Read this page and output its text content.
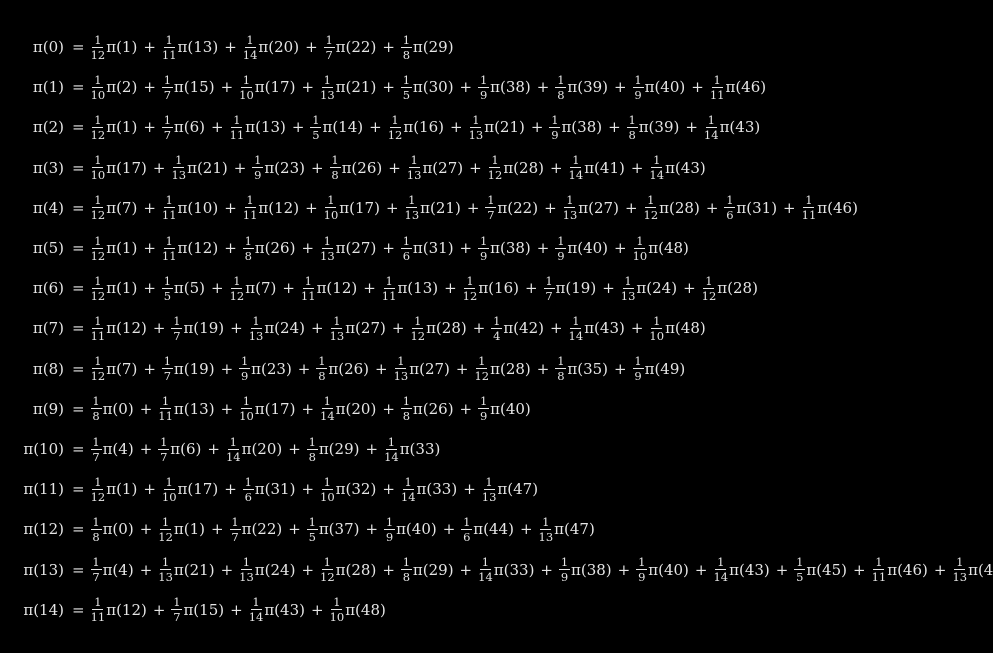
$\pi(0) = \frac{1}{12} \pi(1) + \frac{1}{11} \pi(13) + \frac{1}{14} \pi(20) + \frac{1}{7} \pi(22) + \frac{1}{8} \pi(29)$
$\pi(1) = \frac{1}{10} \pi(2) + \frac{1}{7} \pi(15) + \frac{1}{10} \pi(17) + \frac{1}{13} \pi(21) + \frac{1}{5} \pi(30) + \frac{1}{9} \pi(38) + \frac{1}{8} \pi(39) + \frac{1}{9} \pi(40) + \frac{1}{11} \pi(46)$
$\pi(2) = \frac{1}{12} \pi(1) + \frac{1}{7} \pi(6) + \frac{1}{11} \pi(13) + \frac{1}{5} \pi(14) + \frac{1}{12} \pi(16) + \frac{1}{13} \pi(21) + \frac{1}{9} \pi(38) + \frac{1}{8} \pi(39) + \frac{1}{14} \pi(43)$
$\pi(3) = \frac{1}{10} \pi(17) + \frac{1}{13} \pi(21) + \frac{1}{9} \pi(23) + \frac{1}{8} \pi(26) + \frac{1}{13} \pi(27) + \frac{1}{12} \pi(28) + \frac{1}{14} \pi(41) + \frac{1}{14} \pi(43)$
$\pi(4) = \frac{1}{12} \pi(7) + \frac{1}{11} \pi(10) + \frac{1}{11} \pi(12) + \frac{1}{10} \pi(17) + \frac{1}{13} \pi(21) + \frac{1}{7} \pi(22) + \frac{1}{13} \pi(27) + \frac{1}{12} \pi(28) + \frac{1}{6} \pi(31) + \frac{1}{11} \pi(46)$
$\pi(5) = \frac{1}{12} \pi(1) + \frac{1}{11} \pi(12) + \frac{1}{8} \pi(26) + \frac{1}{13} \pi(27) + \frac{1}{6} \pi(31) + \frac{1}{9} \pi(38) + \frac{1}{9} \pi(40) + \frac{1}{10} \pi(48)$
$\pi(6) = \frac{1}{12} \pi(1) + \frac{1}{5} \pi(5) + \frac{1}{12} \pi(7) + \frac{1}{11} \pi(12) + \frac{1}{11} \pi(13) + \frac{1}{12} \pi(16) + \frac{1}{7} \pi(19) + \frac{1}{13} \pi(24) + \frac{1}{12} \pi(28)$
$\pi(7) = \frac{1}{11} \pi(12) + \frac{1}{7} \pi(19) + \frac{1}{13} \pi(24) + \frac{1}{13} \pi(27) + \frac{1}{12} \pi(28) + \frac{1}{4} \pi(42) + \frac{1}{14} \pi(43) + \frac{1}{10} \pi(48)$
$\pi(8) = \frac{1}{12} \pi(7) + \frac{1}{7} \pi(19) + \frac{1}{9} \pi(23) + \frac{1}{8} \pi(26) + \frac{1}{13} \pi(27) + \frac{1}{12} \pi(28) + \frac{1}{8} \pi(35) + \frac{1}{9} \pi(49)$
$\pi(9) = \frac{1}{8} \pi(0) + \frac{1}{11} \pi(13) + \frac{1}{10} \pi(17) + \frac{1}{14} \pi(20) + \frac{1}{8} \pi(26) + \frac{1}{9} \pi(40)$
$\pi(10) = \frac{1}{7} \pi(4) + \frac{1}{7} \pi(6) + \frac{1}{14} \pi(20) + \frac{1}{8} \pi(29) + \frac{1}{14} \pi(33)$
$\pi(11) = \frac{1}{12} \pi(1) + \frac{1}{10} \pi(17) + \frac{1}{6} \pi(31) + \frac{1}{10} \pi(32) + \frac{1}{14} \pi(33) + \frac{1}{13} \pi(47)$
$\pi(12) = \frac{1}{8} \pi(0) + \frac{1}{12} \pi(1) + \frac{1}{7} \pi(22) + \frac{1}{5} \pi(37) + \frac{1}{9} \pi(40) + \frac{1}{6} \pi(44) + \frac{1}{13} \pi(47)$
$\pi(13) = \frac{1}{7} \pi(4) + \frac{1}{13} \pi(21) + \frac{1}{13} \pi(24) + \frac{1}{12} \pi(28) + \frac{1}{8} \pi(29) + \frac{1}{14} \pi(33) + \frac{1}{9} \pi(38) + \frac{1}{9} \pi(40) + \frac{1}{14} \pi(43) + \frac{1}{5} \pi(45) + \frac{1}{11} \pi(46) + \frac{1}{13} \pi(4$
$\pi(14) = \frac{1}{11} \pi(12) + \frac{1}{7} \pi(15) + \frac{1}{14} \pi(43) + \frac{1}{10} \pi(48)$
